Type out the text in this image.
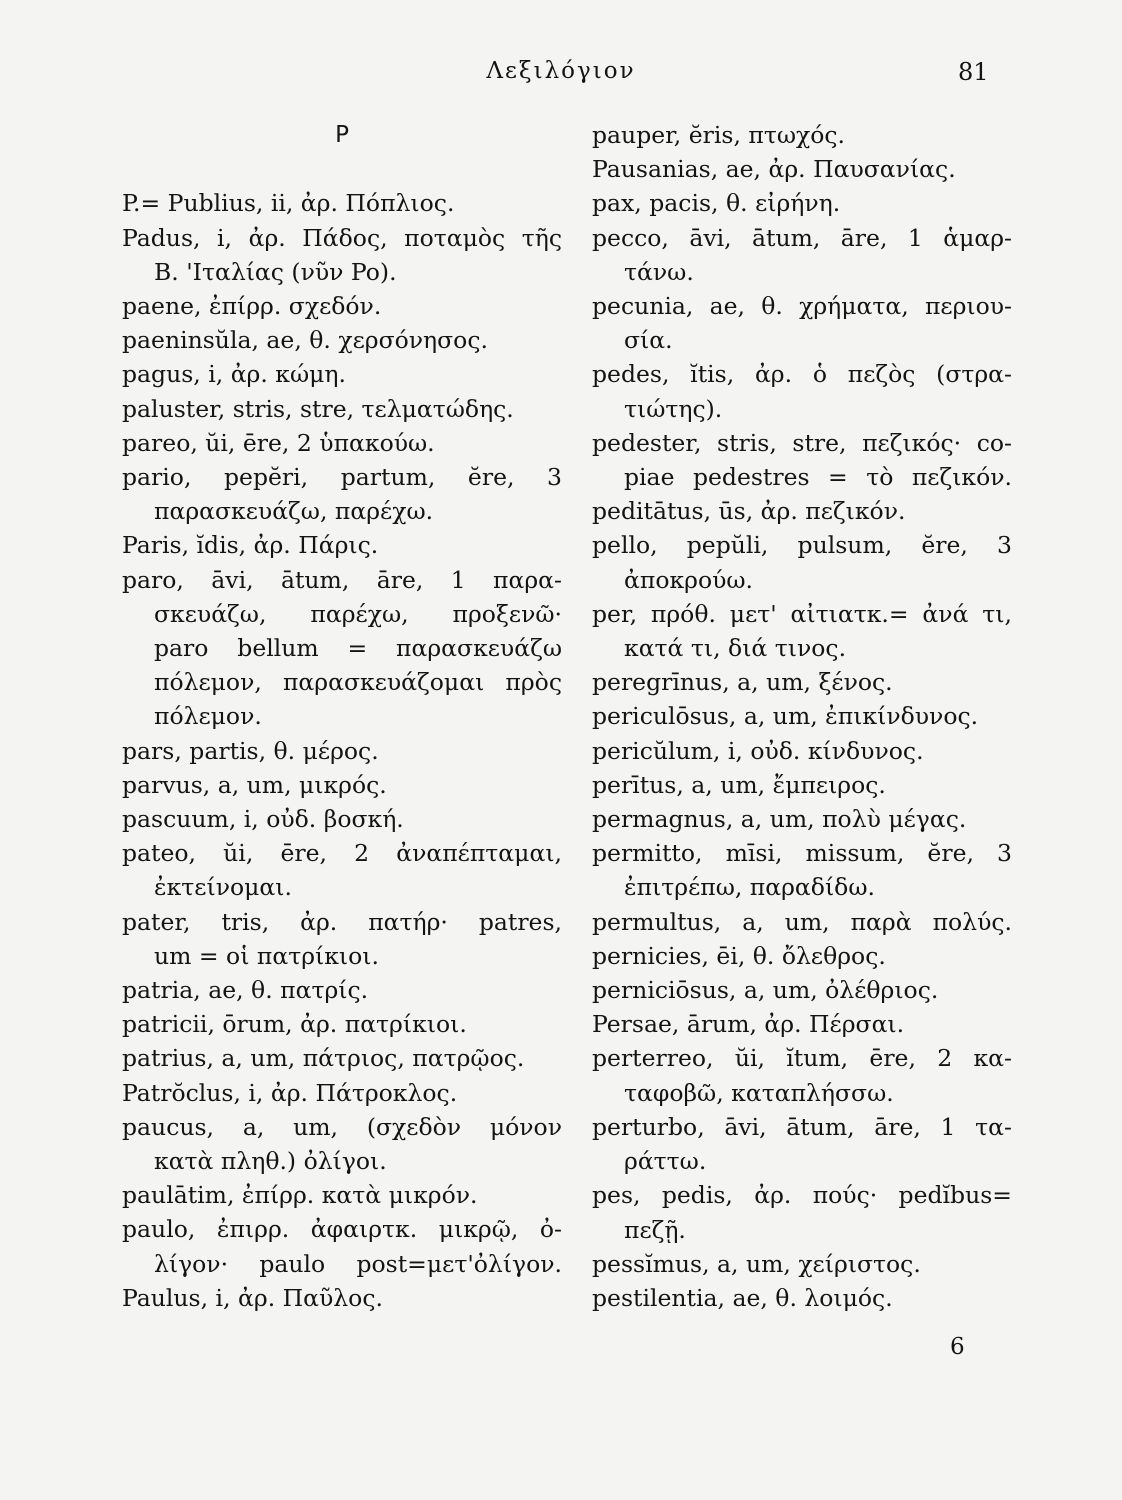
Λεξιλόγιον	81
P
P.= Publius, ii, ἀρ. Πόπλιος.
Padus, i, ἀρ. Πάδος, ποταμὸς τῆς
B. 'Ιταλίας (νῦν Po).
paene, ἐπίρρ. σχεδόν.
paeninsŭla, ae, θ. χερσόνησος.
pagus, i, ἀρ. κώμη.
paluster, stris, stre, τελματώδης.
pareo, ŭi, ēre, 2 ὑπακούω.
pario, pepĕri, partum, ĕre, 3
παρασκευάζω, παρέχω.
Paris, ĭdis, ἀρ. Πάρις.
paro, āvi, ātum, āre, 1 παρα-
σκευάζω, παρέχω, προξενῶ·
paro bellum = παρασκευάζω
πόλεμον, παρασκευάζομαι πρὸς
πόλεμον.
pars, partis, θ. μέρος.
parvus, a, um, μικρός.
pascuum, i, οὐδ. βοσκή.
pateo, ŭi, ēre, 2 ἀναπέπταμαι,
ἐκτείνομαι.
pater, tris, ἀρ. πατήρ· patres,
um = οἱ πατρίκιοι.
patria, ae, θ. πατρίς.
patricii, ōrum, ἀρ. πατρίκιοι.
patrius, a, um, πάτριος, πατρῷος.
Patrŏclus, i, ἀρ. Πάτροκλος.
paucus, a, um, (σχεδὸν μόνον
κατὰ πληθ.) ὀλίγοι.
paulātim, ἐπίρρ. κατὰ μικρόν.
paulo, ἐπιρρ. ἀφαιρτκ. μικρῷ, ὀ-
λίγον· paulo post=μετ'ὀλίγον.
Paulus, i, ἀρ. Παῦλος.
pauper, ĕris, πτωχός.
Pausanias, ae, ἀρ. Παυσανίας.
pax, pacis, θ. εἰρήνη.
pecco, āvi, ātum, āre, 1 ἁμαρ-
τάνω.
pecunia, ae, θ. χρήματα, περιου-
σία.
pedes, ĭtis, ἀρ. ὁ πεζὸς (στρα-
τιώτης).
pedester, stris, stre, πεζικός· co-
piae pedestres = τὸ πεζικόν.
peditātus, ūs, ἀρ. πεζικόν.
pello, pepŭli, pulsum, ĕre, 3
ἀποκρούω.
per, πρόθ. μετ' αἰτιατκ.= ἀνά τι,
κατά τι, διά τινος.
peregrīnus, a, um, ξένος.
periculōsus, a, um, ἐπικίνδυνος.
pericŭlum, i, οὐδ. κίνδυνος.
perītus, a, um, ἔμπειρος.
permagnus, a, um, πολὺ μέγας.
permitto, mīsi, missum, ĕre, 3
ἐπιτρέπω, παραδίδω.
permultus, a, um, παρὰ πολύς.
pernicies, ēi, θ. ὄλεθρος.
perniciōsus, a, um, ὀλέθριος.
Persae, ārum, ἀρ. Πέρσαι.
perterreo, ŭi, ĭtum, ēre, 2 κα-
ταφοβῶ, καταπλήσσω.
perturbo, āvi, ātum, āre, 1 τα-
ράττω.
pes, pedis, ἀρ. πούς· pedĭbus=
πεζῇ.
pessĭmus, a, um, χείριστος.
pestilentia, ae, θ. λοιμός.
6
